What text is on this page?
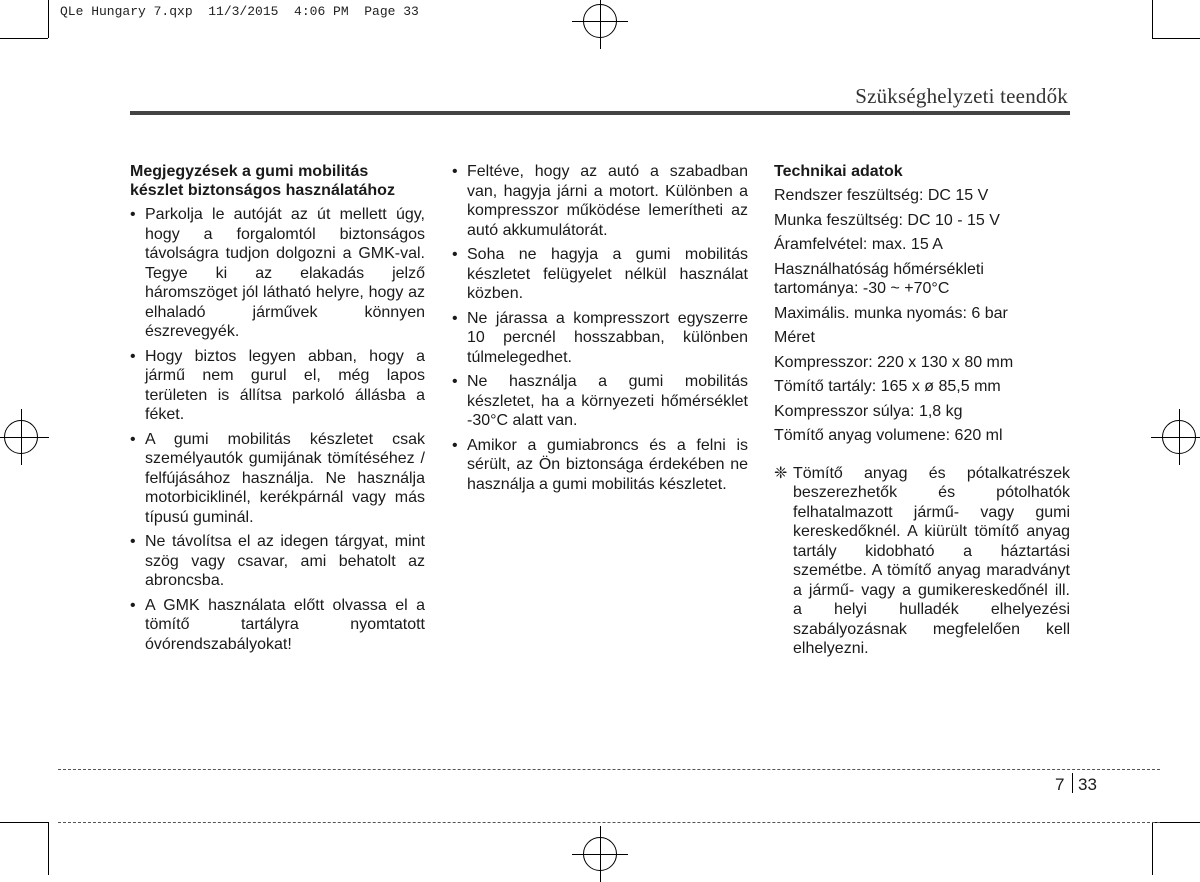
QLe Hungary 7.qxp  11/3/2015  4:06 PM  Page 33
Szükséghelyzeti teendők
Megjegyzések a gumi mobilitás készlet biztonságos használatához
• Parkolja le autóját az út mellett úgy, hogy a forgalomtól biztonságos távolságra tudjon dolgozni a GMK-val. Tegye ki az elakadás jelző háromszöget jól látható helyre, hogy az elhaladó járművek könnyen észrevegyék.
• Hogy biztos legyen abban, hogy a jármű nem gurul el, még lapos területen is állítsa parkoló állásba a féket.
• A gumi mobilitás készletet csak személyautók gumijának tömítéséhez / felfújásához használja. Ne használja motorbiciklinél, kerékpárnál vagy más típusú guminál.
• Ne távolítsa el az idegen tárgyat, mint szög vagy csavar, ami behatolt az abroncsba.
• A GMK használata előtt olvassa el a tömítő tartályra nyomtatott óvórendszabályokat!
• Feltéve, hogy az autó a szabadban van, hagyja járni a motort. Különben a kompresszor működése lemerítheti az autó akkumulátorát.
• Soha ne hagyja a gumi mobilitás készletet felügyelet nélkül használat közben.
• Ne járassa a kompresszort egyszerre 10 percnél hosszabban, különben túlmelegedhet.
• Ne használja a gumi mobilitás készletet, ha a környezeti hőmérséklet -30°C alatt van.
• Amikor a gumiabroncs és a felni is sérült, az Ön biztonsága érdekében ne használja a gumi mobilitás készletet.
Technikai adatok
Rendszer feszültség: DC 15 V
Munka feszültség: DC 10 - 15 V
Áramfelvétel: max. 15 A
Használhatóság hőmérsékleti tartománya: -30 ~ +70°C
Maximális. munka nyomás: 6 bar
Méret
Kompresszor: 220 x 130 x 80 mm
Tömítő tartály: 165 x ø 85,5 mm
Kompresszor súlya: 1,8 kg
Tömítő anyag volumene: 620 ml
❈ Tömítő anyag és pótalkatrészek beszerezhetők és pótolhatók felhatalmazott jármű- vagy gumi kereskedőknél. A kiürült tömítő anyag tartály kidobható a háztartási szemétbe. A tömítő anyag maradványt a jármű- vagy a gumikereskedőnél ill. a helyi hulladék elhelyezési szabályozásnak megfelelően kell elhelyezni.
7 33
